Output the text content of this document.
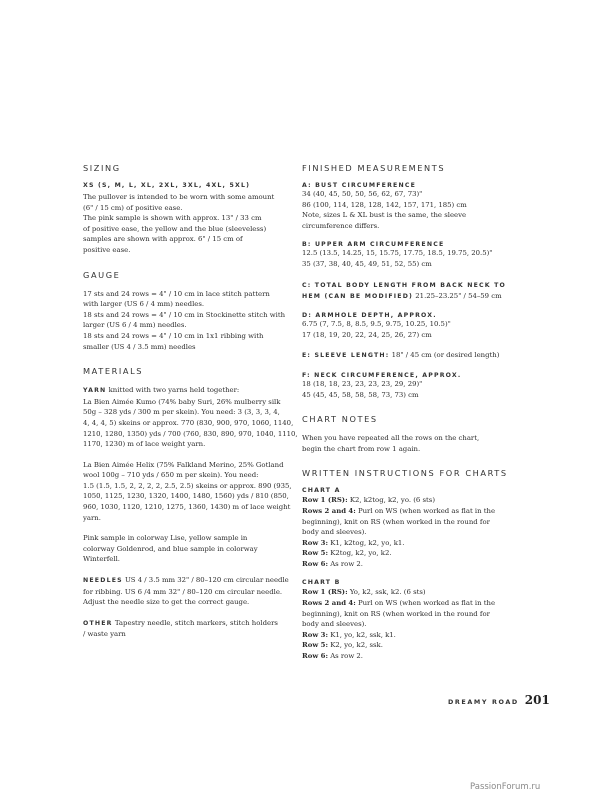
SIZING
XS (S, M, L, XL, 2XL, 3XL, 4XL, 5XL)
The pullover is intended to be worn with some amount
(6" / 15 cm) of positive ease.
The pink sample is shown with approx. 13" / 33 cm
of positive ease, the yellow and the blue (sleeveless)
samples are shown with approx. 6" / 15 cm of
positive ease.
GAUGE
17 sts and 24 rows = 4" / 10 cm in lace stitch pattern
with larger (US 6 / 4 mm) needles.
18 sts and 24 rows = 4" / 10 cm in Stockinette stitch with
larger (US 6 / 4 mm) needles.
18 sts and 24 rows = 4" / 10 cm in 1x1 ribbing with
smaller (US 4 / 3.5 mm) needles
MATERIALS
YARN knitted with two yarns held together:
La Bien Aimée Kumo (74% baby Suri, 26% mulberry silk
50g – 328 yds / 300 m per skein). You need: 3 (3, 3, 3, 4,
4, 4, 4, 5) skeins or approx. 770 (830, 900, 970, 1060, 1140,
1210, 1280, 1350) yds / 700 (760, 830, 890, 970, 1040, 1110,
1170, 1230) m of lace weight yarn.
La Bien Aimée Helix (75% Falkland Merino, 25% Gotland
wool 100g – 710 yds / 650 m per skein). You need:
1.5 (1.5, 1.5, 2, 2, 2, 2, 2.5, 2.5) skeins or approx. 890 (935,
1050, 1125, 1230, 1320, 1400, 1480, 1560) yds / 810 (850,
960, 1030, 1120, 1210, 1275, 1360, 1430) m of lace weight
yarn.
Pink sample in colorway Lise, yellow sample in
colorway Goldenrod, and blue sample in colorway
Winterfell.
NEEDLES US 4 / 3.5 mm 32" / 80–120 cm circular needle
for ribbing. US 6 /4 mm 32" / 80–120 cm circular needle.
Adjust the needle size to get the correct gauge.
OTHER Tapestry needle, stitch markers, stitch holders
/ waste yarn
FINISHED MEASUREMENTS
A: BUST CIRCUMFERENCE
34 (40, 45, 50, 50, 56, 62, 67, 73)"
86 (100, 114, 128, 128, 142, 157, 171, 185) cm
Note, sizes L & XL bust is the same, the sleeve
circumference differs.
B: UPPER ARM CIRCUMFERENCE
12.5 (13.5, 14.25, 15, 15.75, 17.75, 18.5, 19.75, 20.5)"
35 (37, 38, 40, 45, 49, 51, 52, 55) cm
C: TOTAL BODY LENGTH FROM BACK NECK TO
HEM (CAN BE MODIFIED) 21.25–23.25" / 54–59 cm
D: ARMHOLE DEPTH, APPROX.
6.75 (7, 7.5, 8, 8.5, 9.5, 9.75, 10.25, 10.5)"
17 (18, 19, 20, 22, 24, 25, 26, 27) cm
E: SLEEVE LENGTH: 18" / 45 cm (or desired length)
F: NECK CIRCUMFERENCE, APPROX.
18 (18, 18, 23, 23, 23, 23, 29, 29)"
45 (45, 45, 58, 58, 58, 73, 73) cm
CHART NOTES
When you have repeated all the rows on the chart,
begin the chart from row 1 again.
WRITTEN INSTRUCTIONS FOR CHARTS
CHART A
Row 1 (RS): K2, k2tog, k2, yo. (6 sts)
Rows 2 and 4: Purl on WS (when worked as flat in the
beginning), knit on RS (when worked in the round for
body and sleeves).
Row 3: K1, k2tog, k2, yo, k1.
Row 5: K2tog, k2, yo, k2.
Row 6: As row 2.
CHART B
Row 1 (RS): Yo, k2, ssk, k2. (6 sts)
Rows 2 and 4: Purl on WS (when worked as flat in the
beginning), knit on RS (when worked in the round for
body and sleeves).
Row 3: K1, yo, k2, ssk, k1.
Row 5: K2, yo, k2, ssk.
Row 6: As row 2.
DREAMY ROAD 201
PassionForum.ru
